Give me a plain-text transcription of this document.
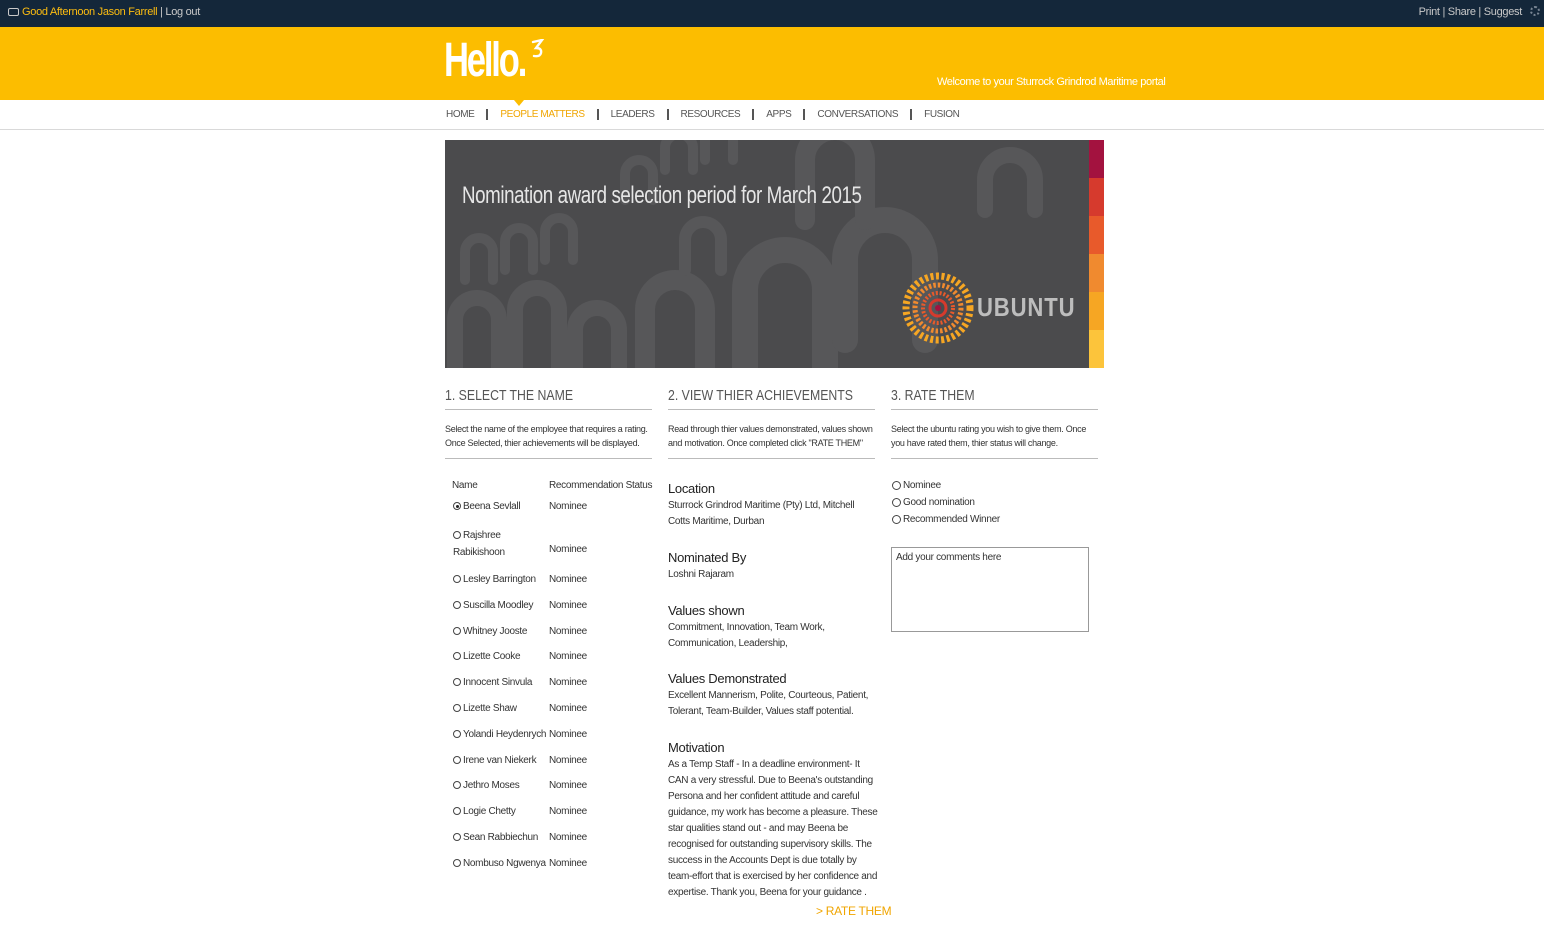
Good Afternoon Jason Farrell | Log out	Print | Share | Suggest
Hello.	Welcome to your Sturrock Grindrod Maritime portal
HOME	PEOPLE MATTERS	LEADERS	RESOURCES	APPS	CONVERSATIONS	FUSION
Nomination award selection period for March 2015
UBUNTU
1. SELECT THE NAME
Select the name of the employee that requires a rating. Once Selected, thier achievements will be displayed.
2. VIEW THIER ACHIEVEMENTS
Read through thier values demonstrated, values shown and motivation. Once completed click "RATE THEM"
3. RATE THEM
Select the ubuntu rating you wish to give them. Once you have rated them, thier status will change.
Name	Recommendation Status
Beena Sevlall	Nominee
Rajshree Rabikishoon	Nominee
Lesley Barrington Nominee
Suscilla Moodley Nominee
Whitney Jooste Nominee
Lizette Cooke	Nominee
Innocent Sinvula Nominee
Lizette Shaw	Nominee
Yolandi Heydenrych Nominee
Irene van Niekerk Nominee
Jethro Moses	Nominee
Logie Chetty	Nominee
Sean Rabbiechun Nominee
Nombuso Ngwenya Nominee
Location
Sturrock Grindrod Maritime (Pty) Ltd, Mitchell Cotts Maritime, Durban
Nominated By
Loshni Rajaram
Values shown
Commitment, Innovation, Team Work, Communication, Leadership,
Values Demonstrated
Excellent Mannerism, Polite, Courteous, Patient, Tolerant, Team-Builder, Values staff potential.
Motivation
As a Temp Staff - In a deadline environment- It CAN a very stressful. Due to Beena's outstanding Persona and her confident attitude and careful guidance, my work has become a pleasure. These star qualities stand out - and may Beena be recognised for outstanding supervisory skills. The success in the Accounts Dept is due totally by team-effort that is exercised by her confidence and expertise. Thank you, Beena for your guidance .
> RATE THEM
Nominee
Good nomination
Recommended Winner
Add your comments here
